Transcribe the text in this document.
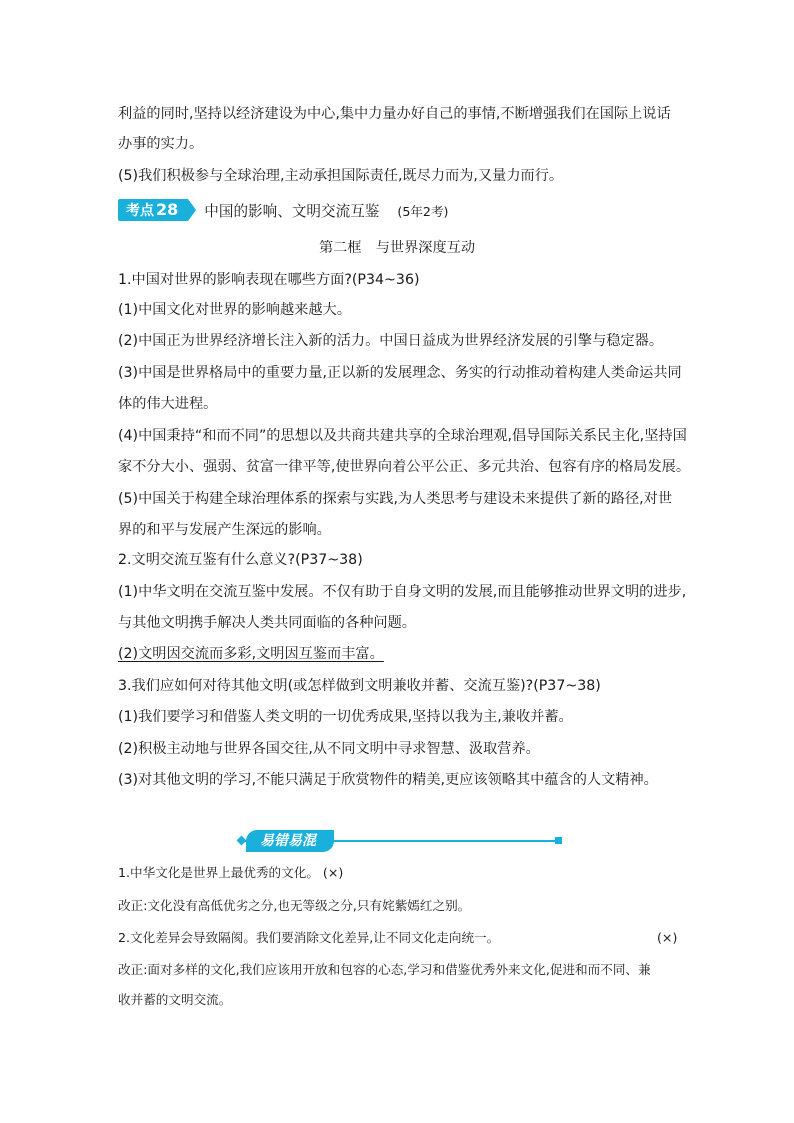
利益的同时,坚持以经济建设为中心,集中力量办好自己的事情,不断增强我们在国际上说话

办事的实力。

(5)我们积极参与全球治理,主动承担国际责任,既尽力而为,又量力而行。

考点 28	中国的影响、文明交流互鉴 (5年2考)

第二框　与世界深度互动

1.中国对世界的影响表现在哪些方面?(P34~36)

(1)中国文化对世界的影响越来越大。

(2)中国正为世界经济增长注入新的活力。中国日益成为世界经济发展的引擎与稳定器。

(3)中国是世界格局中的重要力量,正以新的发展理念、务实的行动推动着构建人类命运共同

体的伟大进程。

(4)中国秉持“和而不同”的思想以及共商共建共享的全球治理观,倡导国际关系民主化,坚持国

家不分大小、强弱、贫富一律平等,使世界向着公平公正、多元共治、包容有序的格局发展。

(5)中国关于构建全球治理体系的探索与实践,为人类思考与建设未来提供了新的路径,对世

界的和平与发展产生深远的影响。

2.文明交流互鉴有什么意义?(P37~38)

(1)中华文明在交流互鉴中发展。不仅有助于自身文明的发展,而且能够推动世界文明的进步,

与其他文明携手解决人类共同面临的各种问题。

(2)文明因交流而多彩,文明因互鉴而丰富。

3.我们应如何对待其他文明(或怎样做到文明兼收并蓄、交流互鉴)?(P37~38)

(1)我们要学习和借鉴人类文明的一切优秀成果,坚持以我为主,兼收并蓄。

(2)积极主动地与世界各国交往,从不同文明中寻求智慧、汲取营养。

(3)对其他文明的学习,不能只满足于欣赏物件的精美,更应该领略其中蕴含的人文精神。

易错易混

1.中华文化是世界上最优秀的文化。 (×)

改正:文化没有高低优劣之分,也无等级之分,只有姹紫嫣红之别。

2.文化差异会导致隔阂。我们要消除文化差异,让不同文化走向统一。	(×)

改正:面对多样的文化,我们应该用开放和包容的心态,学习和借鉴优秀外来文化,促进和而不同、兼

收并蓄的文明交流。
